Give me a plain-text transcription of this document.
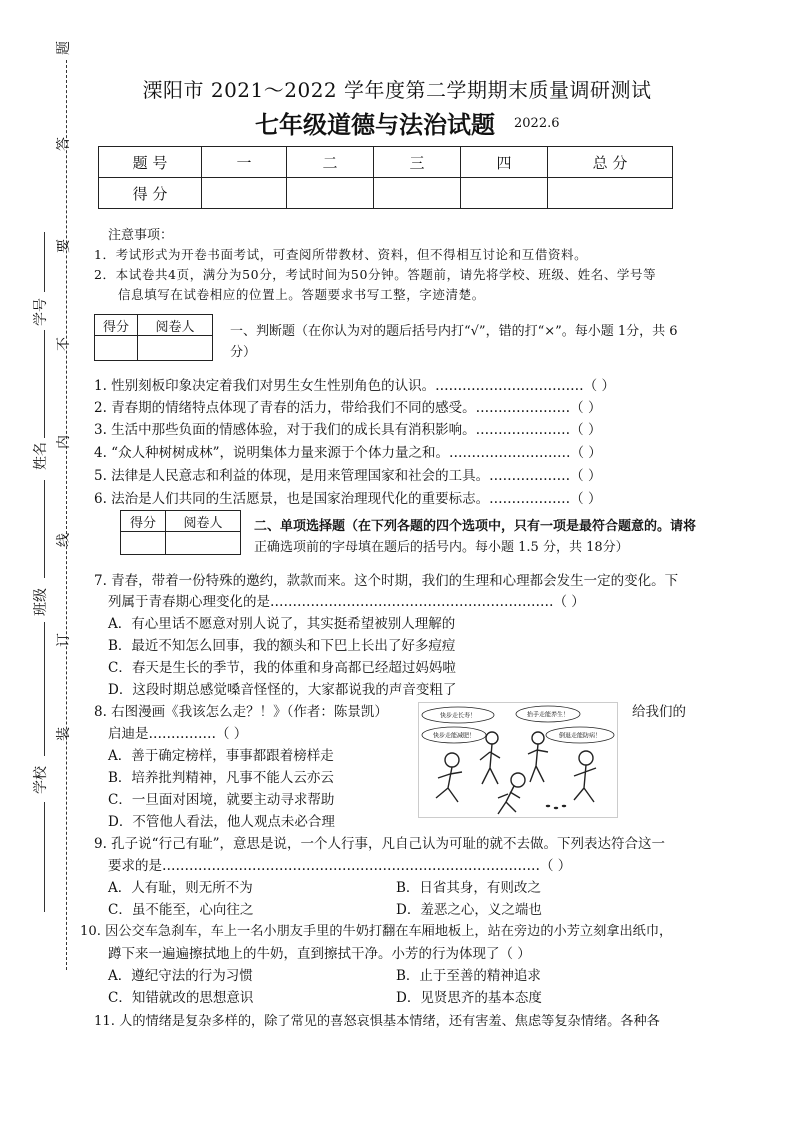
题
答
要
不
内
线
订
装
学号
姓名
班级
学校
溧阳市 2021～2022 学年度第二学期期末质量调研测试
七年级道德与法治试题 2022.6
题 号	一	二	三	四	总 分
得 分					
注意事项：
1．考试形式为开卷书面考试，可查阅所带教材、资料，但不得相互讨论和互借资料。
2．本试卷共4页，满分为50分，考试时间为50分钟。答题前，请先将学校、班级、姓名、学号等
信息填写在试卷相应的位置上。答题要求书写工整，字迹清楚。
得分	阅卷人
		一、判断题（在你认为对的题后括号内打“√”，错的打“×”。每小题 1分，共 6
分）
1. 性别刻板印象决定着我们对男生女生性别角色的认识。……………………………（ ）
2. 青春期的情绪特点体现了青春的活力，带给我们不同的感受。…………………（ ）
3. 生活中那些负面的情感体验，对于我们的成长具有消积影响。…………………（ ）
4. “众人种树树成林”，说明集体力量来源于个体力量之和。………………………（ ）
5. 法律是人民意志和利益的体现，是用来管理国家和社会的工具。………………（ ）
6. 法治是人们共同的生活愿景，也是国家治理现代化的重要标志。………………（ ）
得分	阅卷人
	二、单项选择题（在下列各题的四个选项中，只有一项是最符合题意的。请将
正确选项前的字母填在题后的括号内。每小题 1.5 分，共 18分）
7. 青春，带着一份特殊的邀约，款款而来。这个时期，我们的生理和心理都会发生一定的变化。下
列属于青春期心理变化的是………………………………………………………（ ）
A．有心里话不愿意对别人说了，其实挺希望被别人理解的
B．最近不知怎么回事，我的额头和下巴上长出了好多痘痘
C．春天是生长的季节，我的体重和身高都已经超过妈妈啦
D．这段时期总感觉嗓音怪怪的，大家都说我的声音变粗了
8. 右图漫画《我该怎么走？！》（作者：陈景凯）	给我们的
启迪是……………（ ）
A．善于确定榜样，事事都跟着榜样走
B．培养批判精神，凡事不能人云亦云
C．一旦面对困境，就要主动寻求帮助
D．不管他人看法，他人观点未必合理
快步走长寿！
快步走能减肥！
抬手走能养生！
倒退走能防病！
9. 孔子说“行己有耻”，意思是说，一个人行事，凡自己认为可耻的就不去做。下列表达符合这一
要求的是…………………………………………………………………………（ ）
A．人有耻，则无所不为	B．日省其身，有则改之
C．虽不能至，心向往之	D．羞恶之心，义之端也
10. 因公交车急刹车，车上一名小朋友手里的牛奶打翻在车厢地板上，站在旁边的小芳立刻拿出纸巾，
蹲下来一遍遍擦拭地上的牛奶，直到擦拭干净。小芳的行为体现了（ ）
A．遵纪守法的行为习惯	B．止于至善的精神追求
C．知错就改的思想意识	D．见贤思齐的基本态度
11. 人的情绪是复杂多样的，除了常见的喜怒哀惧基本情绪，还有害羞、焦虑等复杂情绪。各种各
